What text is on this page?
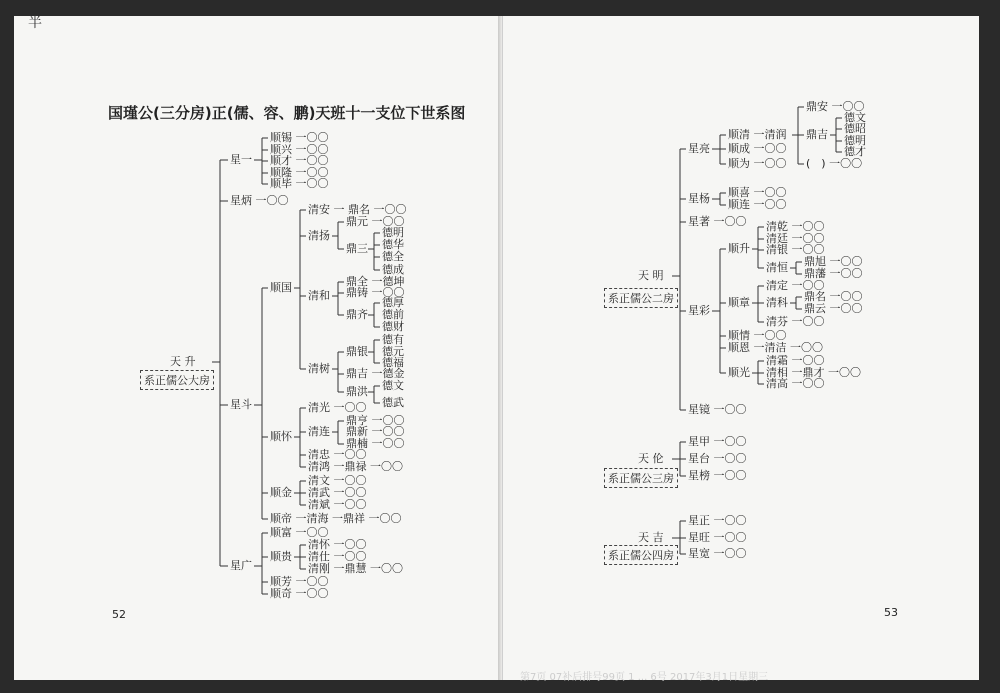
半
国瑾公(三分房)正(儒、容、鹏)天班十一支位下世系图
天 升
系正儒公大房
星一
顺锡 一〇〇
顺兴 一〇〇
顺才 一〇〇
顺隆 一〇〇
顺毕 一〇〇
星炳 一〇〇
星斗
顺国
清安 一 鼎名 一〇〇
清扬
鼎元 一〇〇
鼎三
德明
德华
德全
德成
清和
鼎全 一德坤
鼎铸 一〇〇
鼎齐
德厚
德前
德财
清树
鼎银
德有
德元
德福
鼎吉 一德金
鼎洪 德文
德武
顺怀
清光 一〇〇
清连
鼎亨 一〇〇
鼎新 一〇〇
鼎楠 一〇〇
清忠 一〇〇
清鸿 一鼎禄 一〇〇
顺金
清文 一〇〇
清武 一〇〇
清斌 一〇〇
顺帝 一清海 一鼎祥 一〇〇
星广
顺富 一〇〇
顺贵
清怀 一〇〇
清仕 一〇〇
清刚 一鼎慧 一〇〇
顺芳 一〇〇
顺奇 一〇〇
52
天 明
系正儒公二房
星亮
顺清 一清润
顺成 一〇〇
顺为 一〇〇
鼎安 一〇〇
鼎吉
德文
德昭
德明
德才
(　) 一〇〇
星杨 顺喜 一〇〇
顺连 一〇〇
星著 一〇〇
星彩
顺升
清乾 一〇〇
清廷 一〇〇
清银 一〇〇
清恒 鼎旭 一〇〇
鼎藩 一〇〇
顺章
清定 一〇〇
清科 鼎名 一〇〇
鼎云 一〇〇
清芬 一〇〇
顺情 一〇〇
顺恩 一清洁 一〇〇
顺光
清霜 一〇〇
清相 一鼎才 一〇〇
清高 一〇〇
星镜 一〇〇
天 伦
系正儒公三房
星甲 一〇〇
星台 一〇〇
星榜 一〇〇
天 吉
系正儒公四房
星正 一〇〇
星旺 一〇〇
星宽 一〇〇
53
第7页 07补后排号99页 1 ... 6号 2017年3月1日星期三
